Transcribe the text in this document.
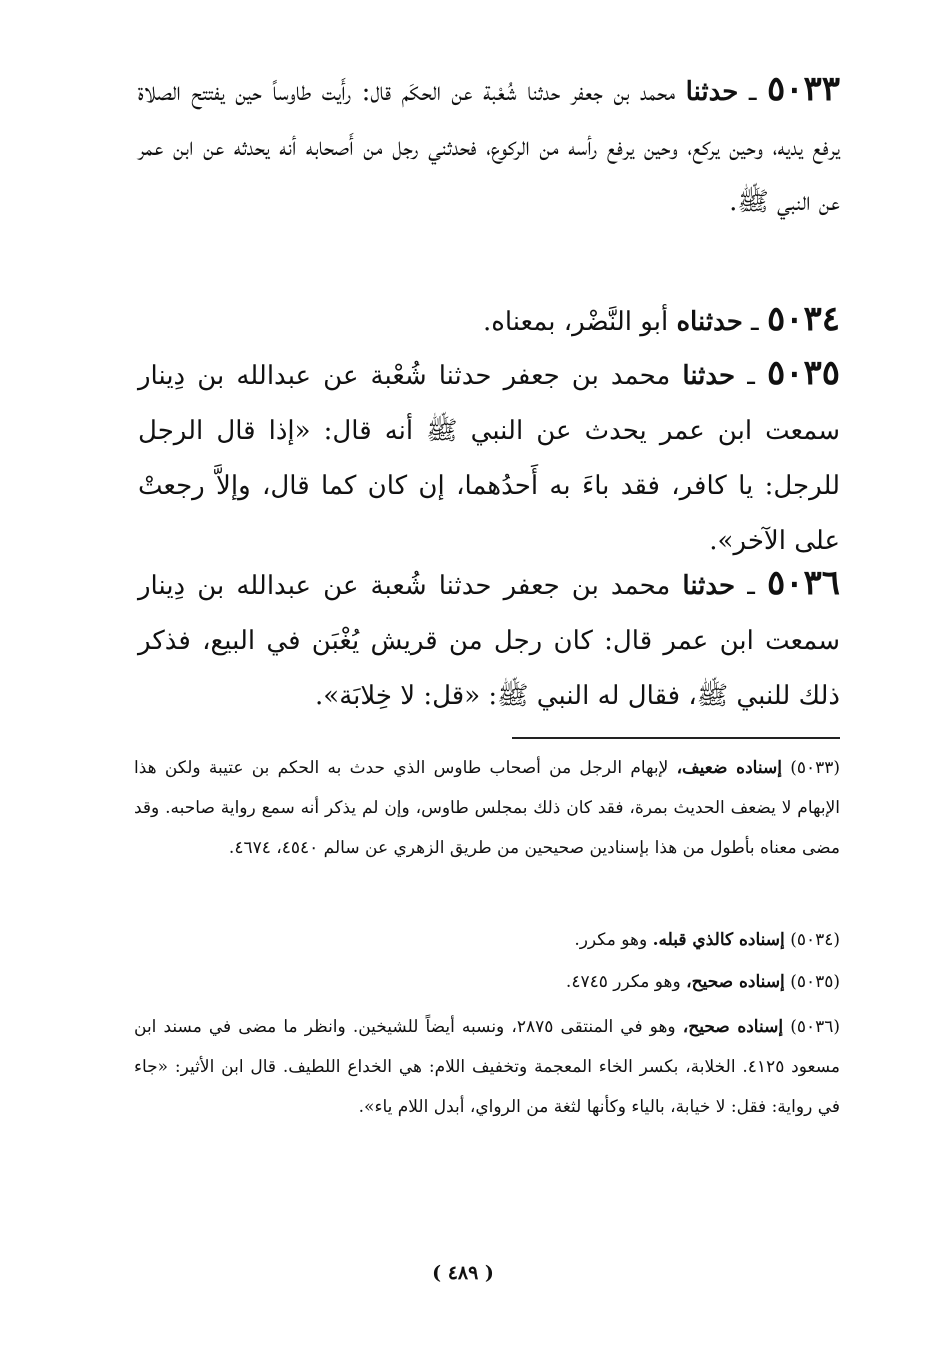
٥٠٣٣ ـ حدثنا محمد بن جعفر حدثنا شُعْبة عن الحكَم قال: رأَيت طاوساً حين يفتتح الصلاة يرفع يديه، وحين يركع، وحين يرفع رأسه من الركوع، فحدثني رجل من أَصحابه أنه يحدثه عن ابن عمر عن النبي ﷺ.

٥٠٣٤ ـ حدثناه أبو النَّضْر، بمعناه.

٥٠٣٥ ـ حدثنا محمد بن جعفر حدثنا شُعْبة عن عبدالله بن دِينار سمعت ابن عمر يحدث عن النبي ﷺ أنه قال: «إذا قال الرجل للرجل: يا كافر، فقد باءَ به أَحدُهما، إن كان كما قال، وإلاَّ رجعتْ على الآخر».

٥٠٣٦ ـ حدثنا محمد بن جعفر حدثنا شُعبة عن عبدالله بن دِينار سمعت ابن عمر قال: كان رجل من قريش يُغْبَن في البيع، فذكر ذلك للنبي ﷺ، فقال له النبي ﷺ: «قل: لا خِلابَة».

(٥٠٣٣) إسناده ضعيف، لإبهام الرجل من أصحاب طاوس الذي حدث به الحكم بن عتيبة ولكن هذا الإبهام لا يضعف الحديث بمرة، فقد كان ذلك بمجلس طاوس، وإن لم يذكر أنه سمع رواية صاحبه. وقد مضى معناه بأطول من هذا بإسنادين صحيحين من طريق الزهري عن سالم ٤٥٤٠، ٤٦٧٤.

(٥٠٣٤) إسناده كالذي قبله. وهو مكرر.

(٥٠٣٥) إسناده صحيح، وهو مكرر ٤٧٤٥.

(٥٠٣٦) إسناده صحيح، وهو في المنتقى ٢٨٧٥، ونسبه أيضاً للشيخين. وانظر ما مضى في مسند ابن مسعود ٤١٢٥. الخلابة، بكسر الخاء المعجمة وتخفيف اللام: هي الخداع اللطيف. قال ابن الأثير: «جاء في رواية: فقل: لا خيابة، بالياء وكأنها لثغة من الرواي، أبدل اللام ياء».

( ٤٨٩ )
